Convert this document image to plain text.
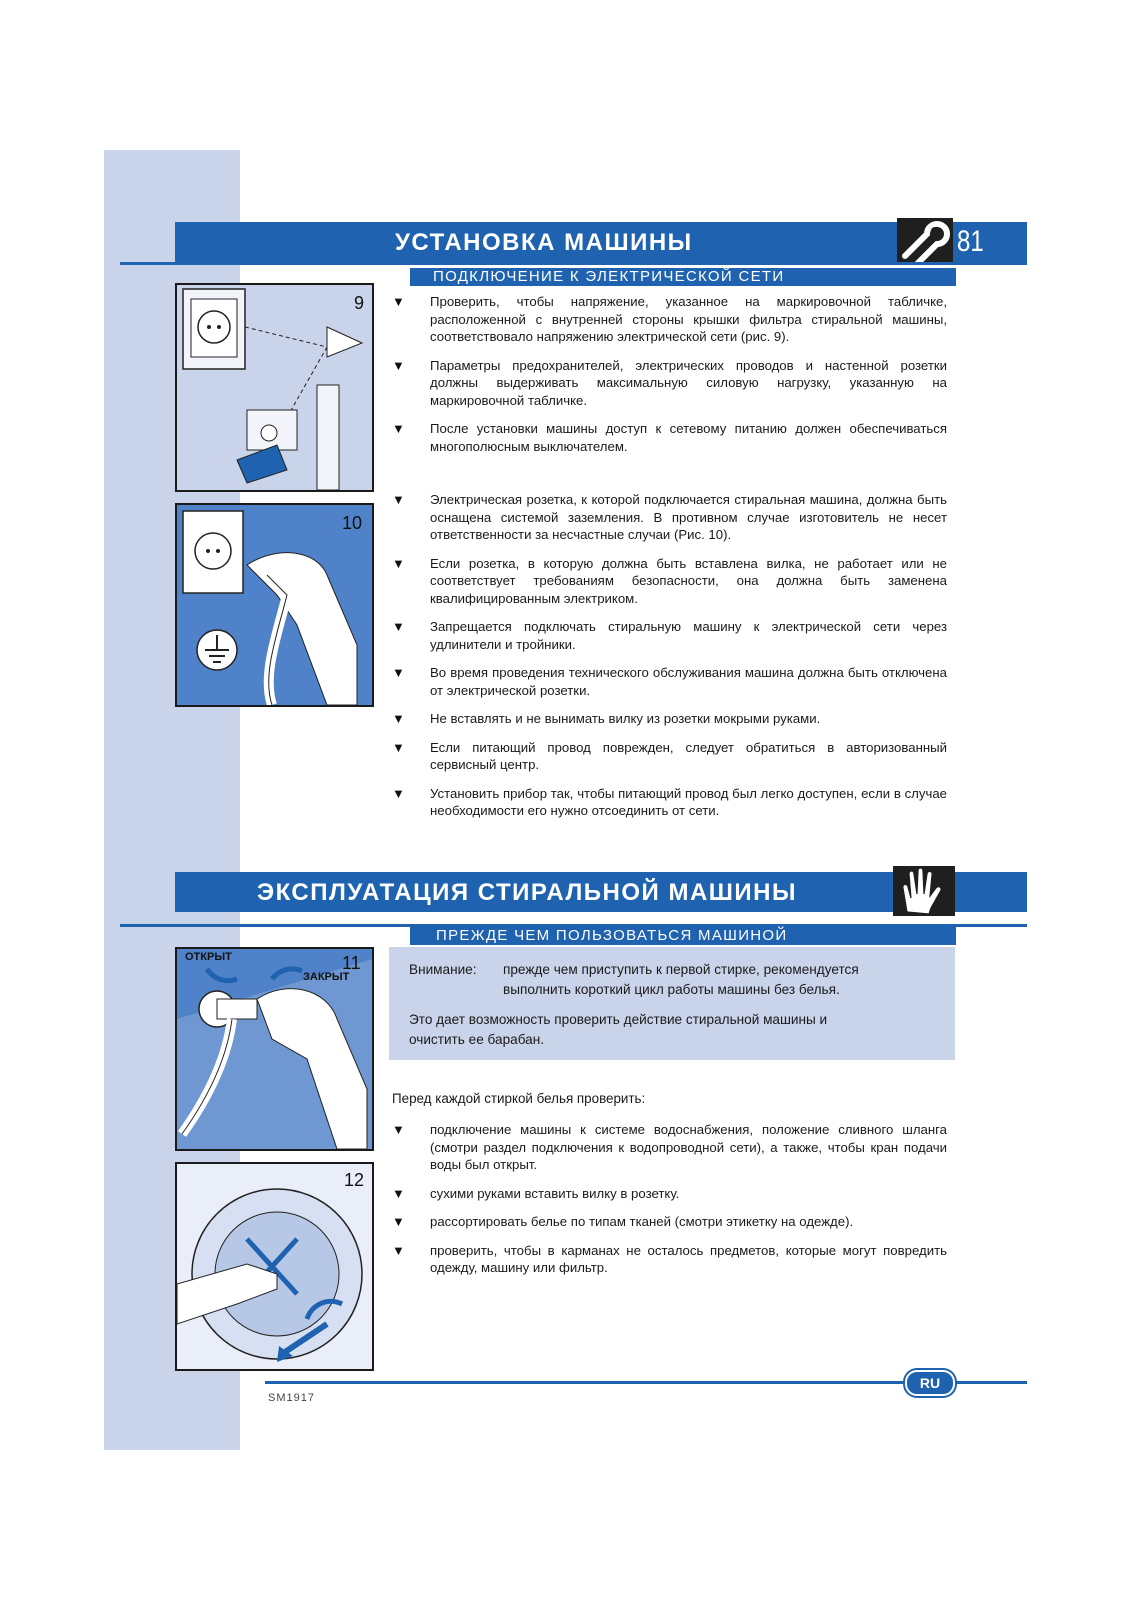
УСТАНОВКА МАШИНЫ	81
ПОДКЛЮЧЕНИЕ К ЭЛЕКТРИЧЕСКОЙ СЕТИ
9
10
▼ Проверить, чтобы напряжение, указанное на маркировочной табличке, расположенной с внутренней стороны крышки фильтра стиральной машины, соответствовало напряжению электрической сети (рис. 9).
▼ Параметры предохранителей, электрических проводов и настенной розетки должны выдерживать максимальную силовую нагрузку, указанную на маркировочной табличке.
▼ После установки машины доступ к сетевому питанию должен обеспечиваться многополюсным выключателем.
▼ Электрическая розетка, к которой подключается стиральная машина, должна быть оснащена системой заземления. В противном случае изготовитель не несет ответственности за несчастные случаи (Рис. 10).
▼ Если розетка, в которую должна быть вставлена вилка, не работает или не соответствует требованиям безопасности, она должна быть заменена квалифицированным электриком.
▼ Запрещается подключать стиральную машину к электрической сети через удлинители и тройники.
▼ Во время проведения технического обслуживания машина должна быть отключена от электрической розетки.
▼ Не вставлять и не вынимать вилку из розетки мокрыми руками.
▼ Если питающий провод поврежден, следует обратиться в авторизованный сервисный центр.
▼ Установить прибор так, чтобы питающий провод был легко доступен, если в случае необходимости его нужно отсоединить от сети.
ЭКСПЛУАТАЦИЯ СТИРАЛЬНОЙ МАШИНЫ
ПРЕЖДЕ ЧЕМ ПОЛЬЗОВАТЬСЯ МАШИНОЙ
ОТКРЫТ	11
ЗАКРЫТ
12
Внимание: прежде чем приступить к первой стирке, рекомендуется
выполнить короткий цикл работы машины без белья.
Это дает возможность проверить действие стиральной машины и
очистить ее барабан.
Перед каждой стиркой белья проверить:
▼ подключение машины к системе водоснабжения, положение сливного шланга (смотри раздел подключения к водопроводной сети), а также, чтобы кран подачи воды был открыт.
▼ сухими руками вставить вилку в розетку.
▼ рассортировать белье по типам тканей (смотри этикетку на одежде).
▼ проверить, чтобы в карманах не осталось предметов, которые могут повредить одежду, машину или фильтр.
RU
SM1917
